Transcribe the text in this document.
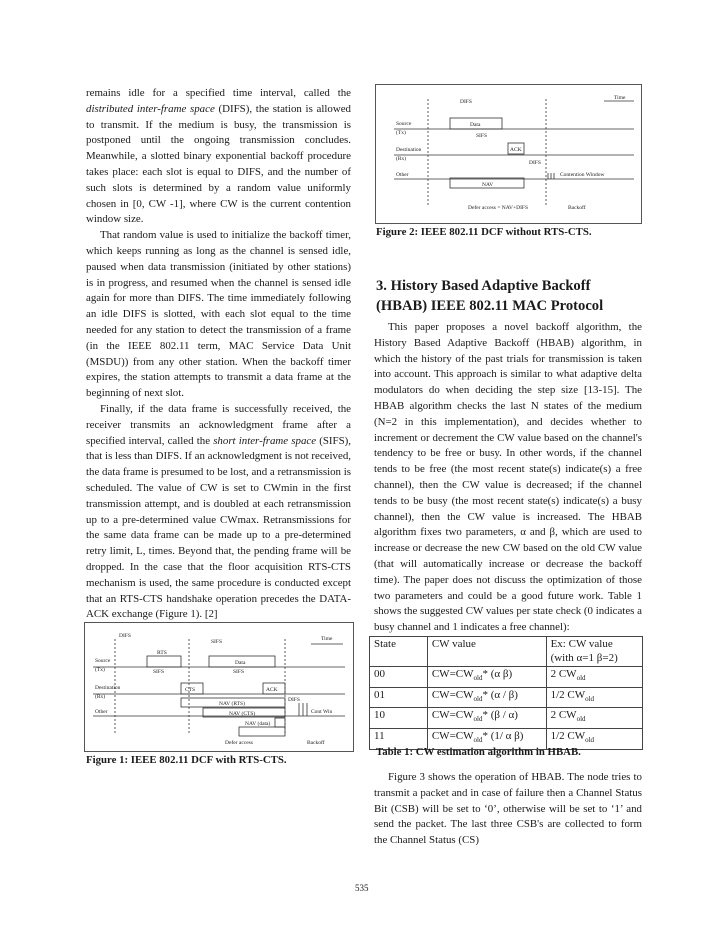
remains idle for a specified time interval, called the distributed inter-frame space (DIFS), the station is allowed to transmit. If the medium is busy, the transmission is postponed until the ongoing transmission concludes. Meanwhile, a slotted binary exponential backoff procedure takes place: each slot is equal to DIFS, and the number of such slots is determined by a random value uniformly chosen in [0, CW -1], where CW is the current contention window size.

That random value is used to initialize the backoff timer, which keeps running as long as the channel is sensed idle, paused when data transmission (initiated by other stations) is in progress, and resumed when the channel is sensed idle again for more than DIFS. The time immediately following an idle DIFS is slotted, with each slot equal to the time needed for any station to detect the transmission of a frame (in the IEEE 802.11 term, MAC Service Data Unit (MSDU)) from any other station. When the backoff timer expires, the station attempts to transmit a data frame at the beginning of next slot.

Finally, if the data frame is successfully received, the receiver transmits an acknowledgment frame after a specified interval, called the short inter-frame space (SIFS), that is less than DIFS. If an acknowledgment is not received, the data frame is presumed to be lost, and a retransmission is scheduled. The value of CW is set to CWmin in the first transmission attempt, and is doubled at each retransmission up to a pre-determined value CWmax. Retransmissions for the same data frame can be made up to a pre-determined retry limit, L, times. Beyond that, the pending frame will be dropped. In the case that the floor acquisition RTS-CTS mechanism is used, the same procedure is conducted except that an RTS-CTS handshake operation precedes the DATA-ACK exchange (Figure 1). [2]

DIFS
SIFS	Time
Source
(Tx)
Destination
(Rx)
Other
RTS
Data
SIFS	SIFS
CTS	ACK
DIFS
NAV (RTS)
NAV (CTS)
NAV (data)
Cont Win
Defer access	Backoff
Figure 1: IEEE 802.11 DCF with RTS-CTS.
DIFS
Time
Source
(Tx)
Destination
(Rx)
Other
Data
SIFS
ACK
DIFS
NAV
Contention Window
Defer access = NAV+DIFS	Backoff
Figure 2: IEEE 802.11 DCF without RTS-CTS.
3. History Based Adaptive Backoff (HBAB) IEEE 802.11 MAC Protocol

This paper proposes a novel backoff algorithm, the History Based Adaptive Backoff (HBAB) algorithm, in which the history of the past trials for transmission is taken into account. This approach is similar to what adaptive delta modulators do when deciding the step size [13-15]. The HBAB algorithm checks the last N states of the medium (N=2 in this implementation), and decides whether to increment or decrement the CW value based on the channel's tendency to be free or busy. In other words, if the channel tends to be free (the most recent state(s) indicate(s) a free channel), then the CW value is decreased; if the channel tends to be busy (the most recent state(s) indicate(s) a busy channel), then the CW value is increased. The HBAB algorithm fixes two parameters, α and β, which are used to increase or decrease the new CW based on the old CW value (that will automatically increase or decrease the backoff time). The paper does not discuss the optimization of those two parameters and could be a good future work. Table 1 shows the suggested CW values per state check (0 indicates a busy channel and 1 indicates a free channel):

State	CW value	Ex: CW value
(with α=1 β=2)
00	$CW=CW_{old}*$ (α β)	2 $CW_{old}$
01	$CW=CW_{old}*$ (α / β)	1/2 $CW_{old}$
10	$CW=CW_{old}*$ (β / α)	2 $CW_{old}$
11	$CW=CW_{old}*$ (1/ α β)	1/2 $CW_{old}$
Table 1: CW estimation algorithm in HBAB.

Figure 3 shows the operation of HBAB. The node tries to transmit a packet and in case of failure then a Channel Status Bit (CSB) will be set to ‘0’, otherwise will be set to ‘1’ and send the packet. The last three CSB's are collected to form the Channel Status (CS)

535
